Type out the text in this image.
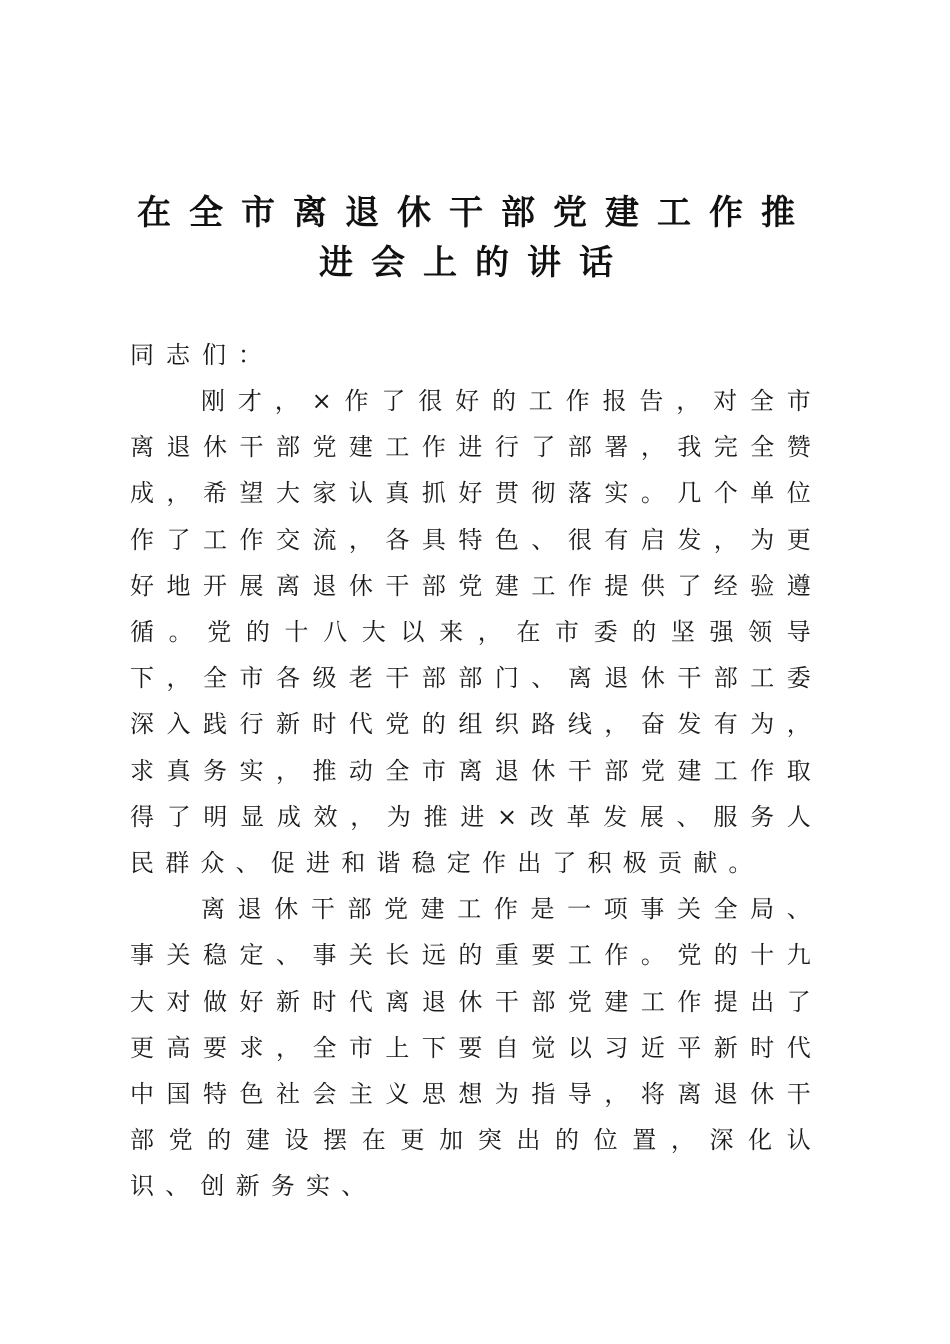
在全市离退休干部党建工作推
进会上的讲话

同志们：

刚才，×作了很好的工作报告，对全市离退休干部党建工作进行了部署，我完全赞成，希望大家认真抓好贯彻落实。几个单位作了工作交流，各具特色、很有启发，为更好地开展离退休干部党建工作提供了经验遵循。党的十八大以来，在市委的坚强领导下，全市各级老干部部门、离退休干部工委深入践行新时代党的组织路线，奋发有为，求真务实，推动全市离退休干部党建工作取得了明显成效，为推进×改革发展、服务人民群众、促进和谐稳定作出了积极贡献。

离退休干部党建工作是一项事关全局、事关稳定、事关长远的重要工作。党的十九大对做好新时代离退休干部党建工作提出了更高要求，全市上下要自觉以习近平新时代中国特色社会主义思想为指导，将离退休干部党的建设摆在更加突出的位置，深化认识、创新务实、
